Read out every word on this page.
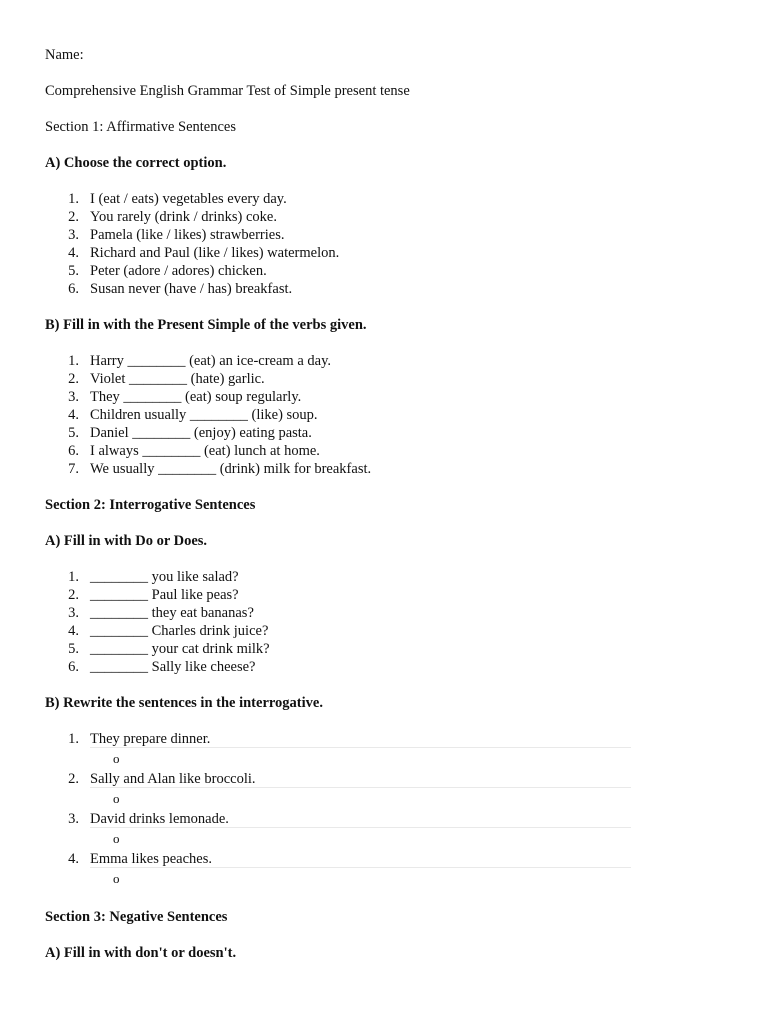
Name:
Comprehensive English Grammar Test of Simple present tense
Section 1: Affirmative Sentences
A) Choose the correct option.
1. I (eat / eats) vegetables every day.
2. You rarely (drink / drinks) coke.
3. Pamela (like / likes) strawberries.
4. Richard and Paul (like / likes) watermelon.
5. Peter (adore / adores) chicken.
6. Susan never (have / has) breakfast.
B) Fill in with the Present Simple of the verbs given.
1. Harry ________ (eat) an ice-cream a day.
2. Violet ________ (hate) garlic.
3. They ________ (eat) soup regularly.
4. Children usually ________ (like) soup.
5. Daniel ________ (enjoy) eating pasta.
6. I always ________ (eat) lunch at home.
7. We usually ________ (drink) milk for breakfast.
Section 2: Interrogative Sentences
A) Fill in with Do or Does.
1. ________ you like salad?
2. ________ Paul like peas?
3. ________ they eat bananas?
4. ________ Charles drink juice?
5. ________ your cat drink milk?
6. ________ Sally like cheese?
B) Rewrite the sentences in the interrogative.
1. They prepare dinner.
o
2. Sally and Alan like broccoli.
o
3. David drinks lemonade.
o
4. Emma likes peaches.
o
Section 3: Negative Sentences
A) Fill in with don't or doesn't.
